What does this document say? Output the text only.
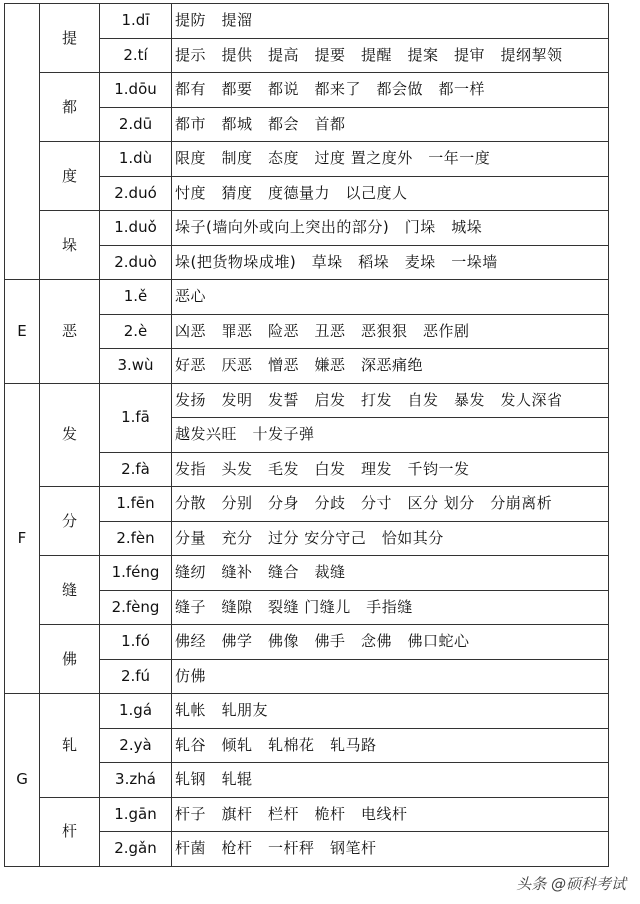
	提	1.dī	提防　提溜
		2.tí	提示　提供　提高　提要　提醒　提案　提审　提纲挈领
	都	1.dōu	都有　都要　都说　都来了　都会做　都一样
		2.dū	都市　都城　都会　首都
	度	1.dù	限度　制度　态度　过度 置之度外　一年一度
		2.duó	忖度　猜度　度德量力　以己度人
	垛	1.duǒ	垛子(墙向外或向上突出的部分)　门垛　城垛
		2.duò	垛(把货物垛成堆)　草垛　稻垛　麦垛　一垛墙
E	恶	1.ě	恶心
		2.è	凶恶　罪恶　险恶　丑恶　恶狠狠　恶作剧
		3.wù	好恶　厌恶　憎恶　嫌恶　深恶痛绝
F	发	1.fā	发扬　发明　发誓　启发　打发　自发　暴发　发人深省
			越发兴旺　十发子弹
		2.fà	发指　头发　毛发　白发　理发　千钧一发
	分	1.fēn	分散　分别　分身　分歧　分寸　区分 划分　分崩离析
		2.fèn	分量　充分　过分 安分守己　恰如其分
	缝	1.féng	缝纫　缝补　缝合　裁缝
		2.fèng	缝子　缝隙　裂缝 门缝儿　手指缝
	佛	1.fó	佛经　佛学　佛像　佛手　念佛　佛口蛇心
		2.fú	仿佛
G	轧	1.gá	轧帐　轧朋友
		2.yà	轧谷　倾轧　轧棉花　轧马路
		3.zhá	轧钢　轧辊
	杆	1.gān	杆子　旗杆　栏杆　桅杆　电线杆
		2.gǎn	杆菌　枪杆　一杆秤　钢笔杆
头条 @硕科考试
